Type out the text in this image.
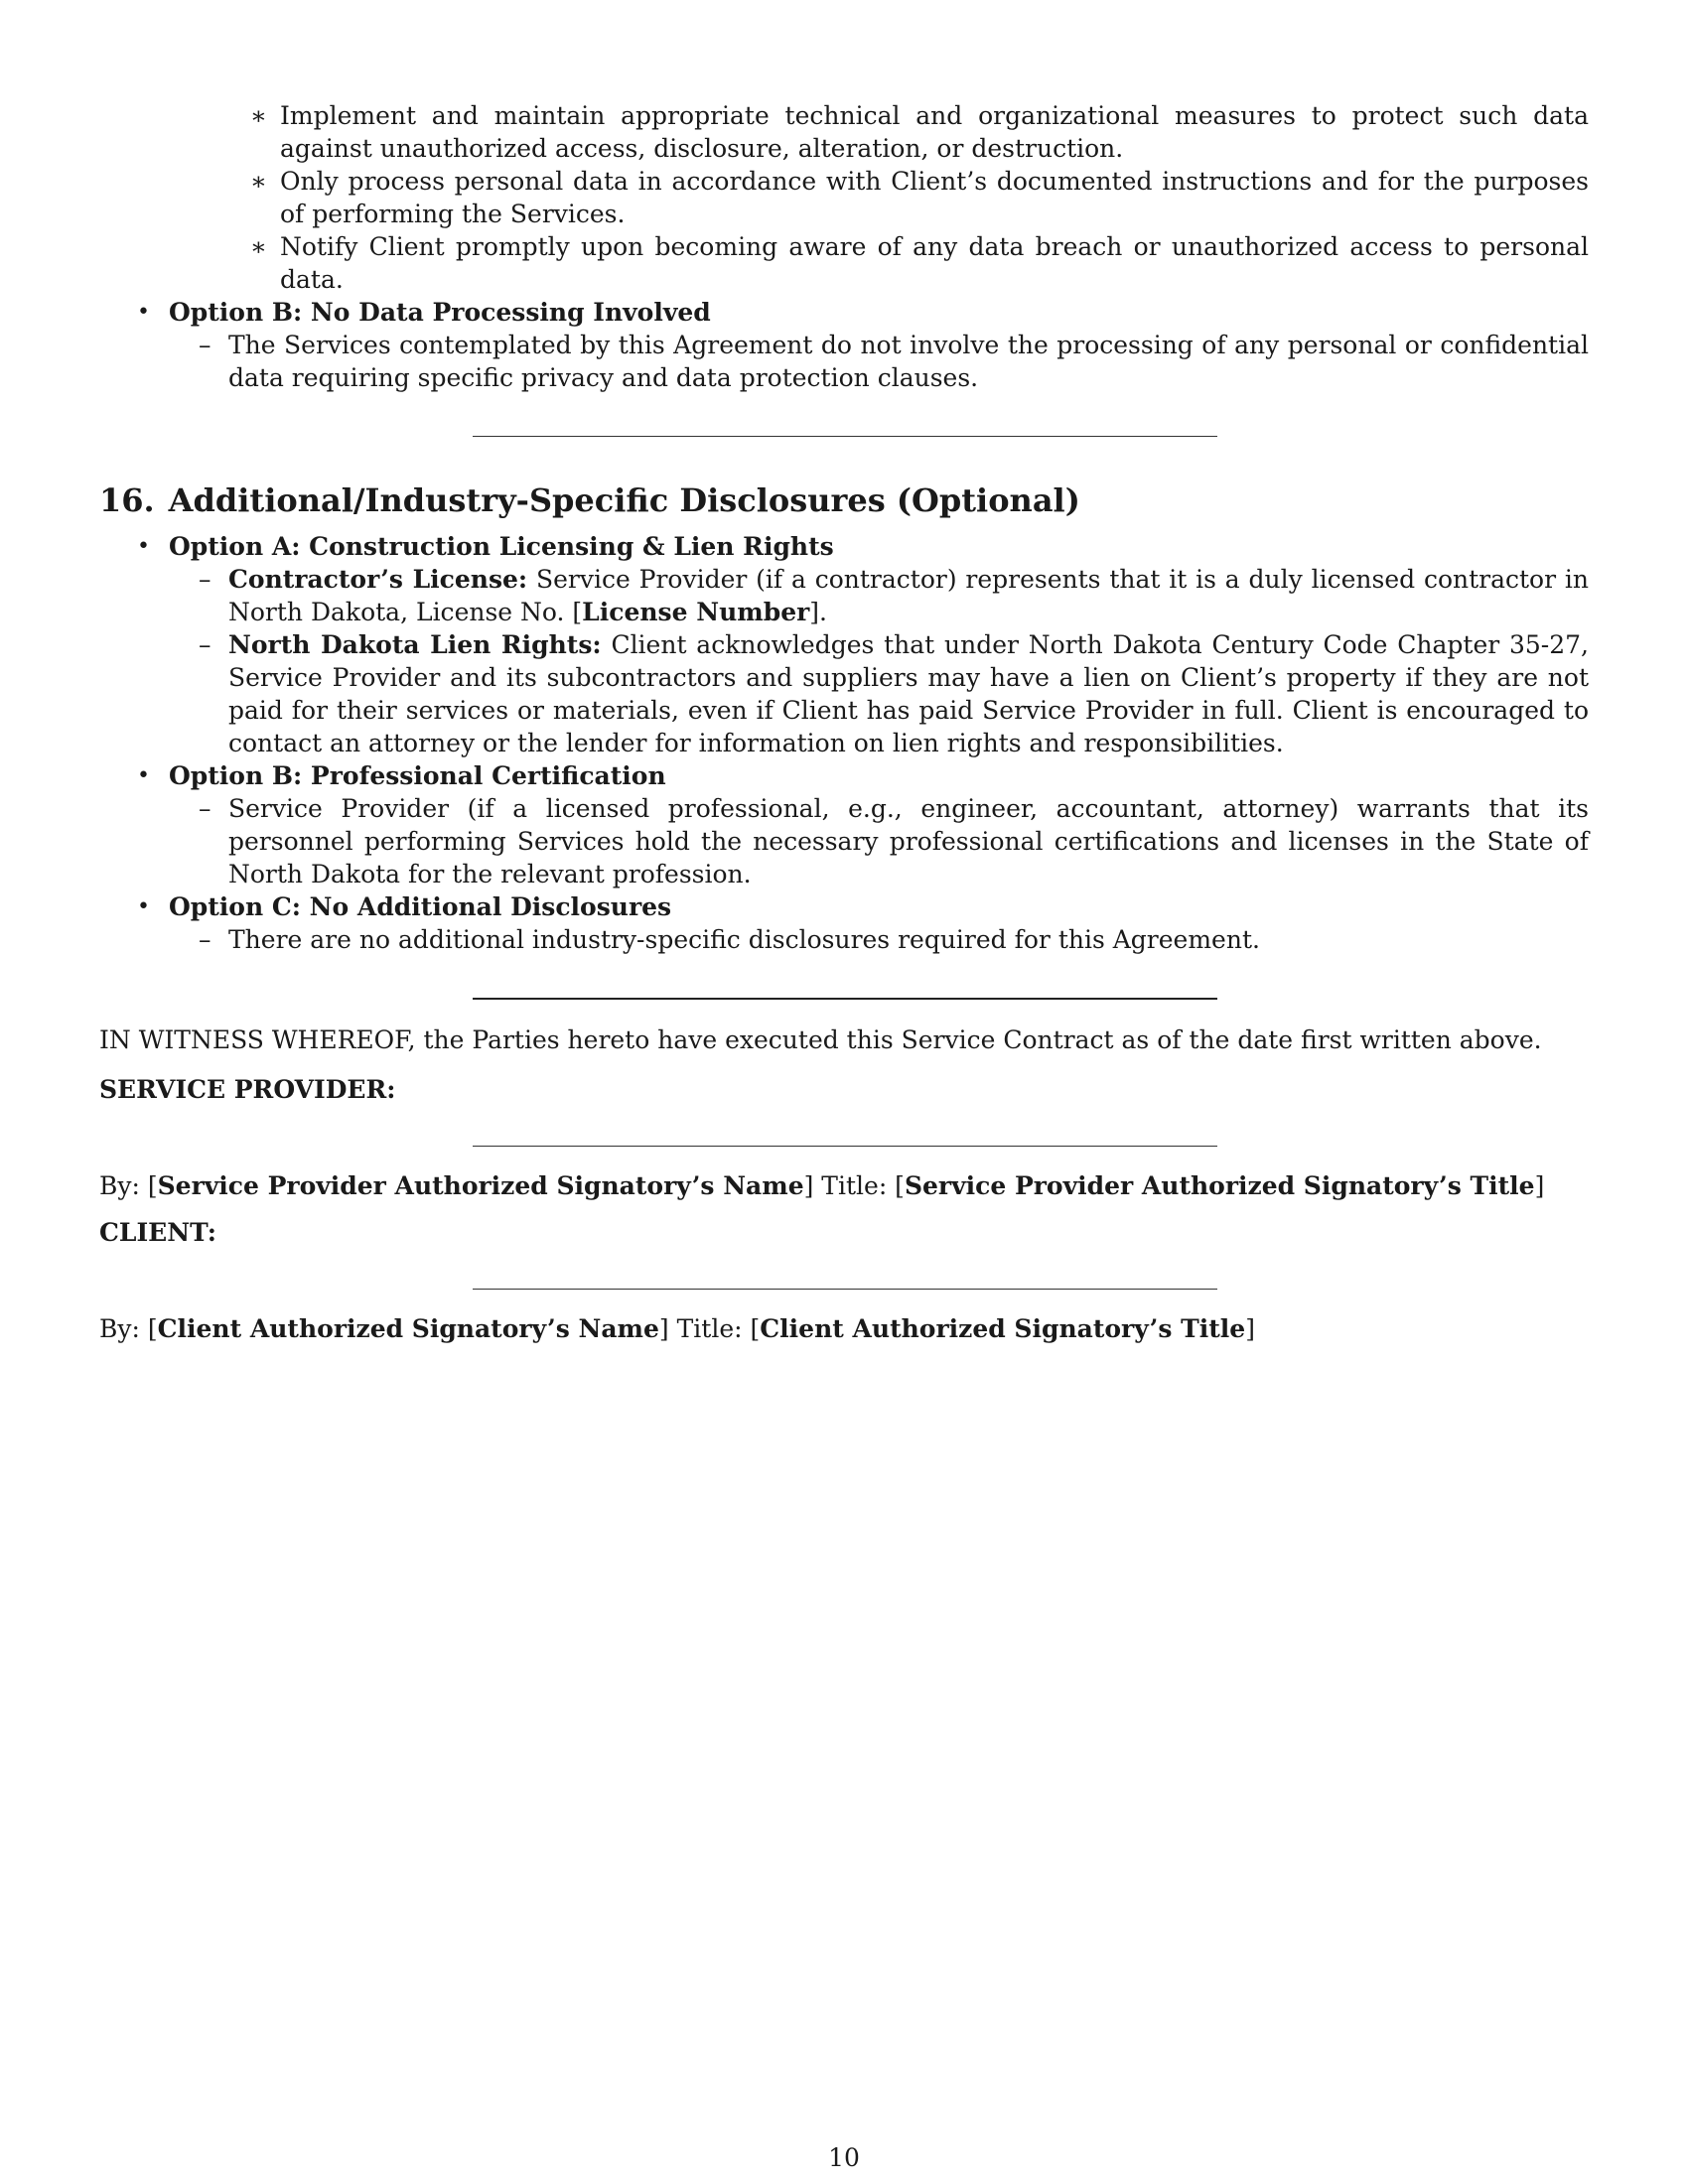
∗ Implement and maintain appropriate technical and organizational measures to protect such data against unauthorized access, disclosure, alteration, or destruction.
∗ Only process personal data in accordance with Client’s documented instructions and for the purposes of performing the Services.
∗ Notify Client promptly upon becoming aware of any data breach or unauthorized access to personal data.
• Option B: No Data Processing Involved
– The Services contemplated by this Agreement do not involve the processing of any personal or confidential data requiring specific privacy and data protection clauses.
16. Additional/Industry-Specific Disclosures (Optional)
• Option A: Construction Licensing & Lien Rights
– Contractor’s License: Service Provider (if a contractor) represents that it is a duly licensed contractor in North Dakota, License No. [License Number].
– North Dakota Lien Rights: Client acknowledges that under North Dakota Century Code Chapter 35-27, Service Provider and its subcontractors and suppliers may have a lien on Client’s property if they are not paid for their services or materials, even if Client has paid Service Provider in full. Client is encouraged to contact an attorney or the lender for information on lien rights and responsibilities.
• Option B: Professional Certification
– Service Provider (if a licensed professional, e.g., engineer, accountant, attorney) warrants that its personnel performing Services hold the necessary professional certifications and licenses in the State of North Dakota for the relevant profession.
• Option C: No Additional Disclosures
– There are no additional industry-specific disclosures required for this Agreement.
IN WITNESS WHEREOF, the Parties hereto have executed this Service Contract as of the date first written above.
SERVICE PROVIDER:
By: [Service Provider Authorized Signatory’s Name] Title: [Service Provider Authorized Signatory’s Title]
CLIENT:
By: [Client Authorized Signatory’s Name] Title: [Client Authorized Signatory’s Title]
10
